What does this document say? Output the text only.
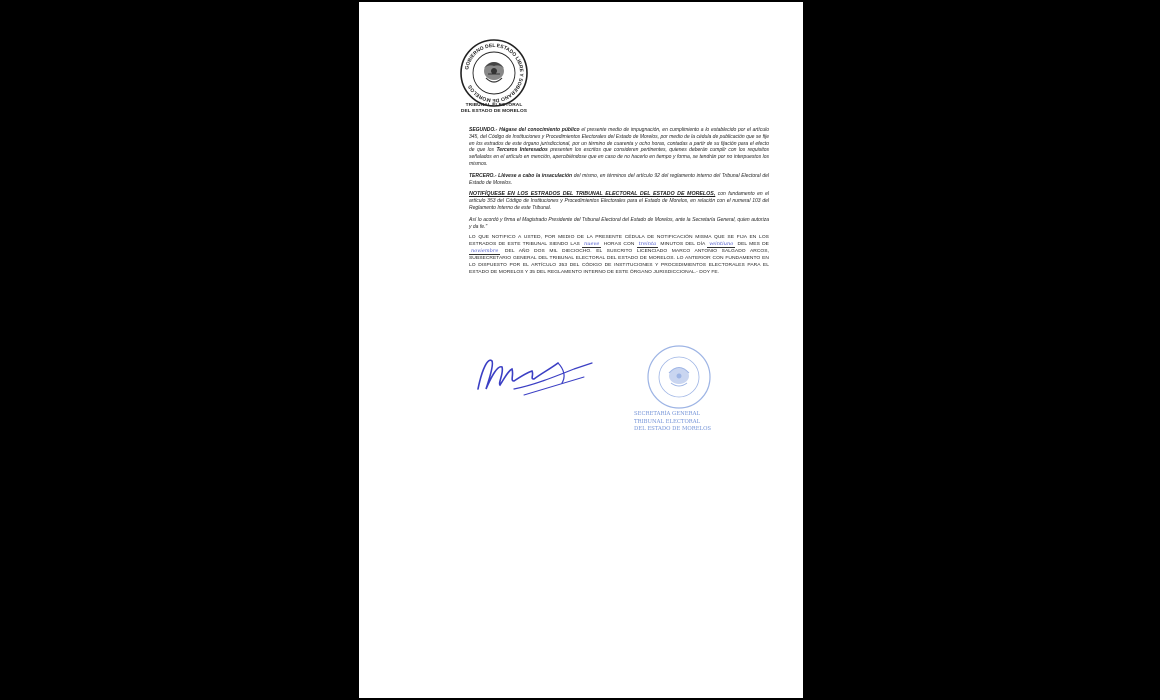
GOBIERNO DEL ESTADO LIBRE Y SOBERANO DE MORELOS
TRIBUNAL ELECTORAL
DEL ESTADO DE MORELOS

SEGUNDO.- Hágase del conocimiento público el presente medio de impugnación, en cumplimiento a lo establecido por el artículo 345, del Código de Instituciones y Procedimientos Electorales del Estado de Morelos, por medio de la cédula de publicación que se fije en los estrados de este órgano jurisdiccional, por un término de cuarenta y ocho horas, contadas a partir de su fijación para el efecto de que los Terceros Interesados presenten los escritos que consideren pertinentes, quienes deberán cumplir con los requisitos señalados en el artículo en mención, apercibiéndose que en caso de no hacerlo en tiempo y forma, se tendrán por no interpuestos los mismos.

TERCERO.- Llévese a cabo la insaculación del mismo, en términos del artículo 92 del reglamento interno del Tribunal Electoral del Estado de Morelos.

NOTIFÍQUESE EN LOS ESTRADOS DEL TRIBUNAL ELECTORAL DEL ESTADO DE MORELOS, con fundamento en el artículo 353 del Código de Instituciones y Procedimientos Electorales para el Estado de Morelos, en relación con el numeral 103 del Reglamento Interno de este Tribunal.

Así lo acordó y firma el Magistrado Presidente del Tribunal Electoral del Estado de Morelos, ante la Secretaría General, quien autoriza y da fe."

LO QUE NOTIFICO A USTED, POR MEDIO DE LA PRESENTE CÉDULA DE NOTIFICACIÓN MISMA QUE SE FIJA EN LOS ESTRADOS DE ESTE TRIBUNAL SIENDO LAS nueve HORAS CON treinta MINUTOS DEL DÍA veintiuno DEL MES DE noviembre DEL AÑO DOS MIL DIECIOCHO. EL SUSCRITO LICENCIADO MARCO ANTONIO SALGADO ARCOS, SUBSECRETARIO GENERAL DEL TRIBUNAL ELECTORAL DEL ESTADO DE MORELOS. LO ANTERIOR CON FUNDAMENTO EN LO DISPUESTO POR EL ARTÍCULO 353 DEL CÓDIGO DE INSTITUCIONES Y PROCEDIMIENTOS ELECTORALES PARA EL ESTADO DE MORELOS Y 35 DEL REGLAMENTO INTERNO DE ESTE ÓRGANO JURISDICCIONAL.- DOY FE.

SECRETARÍA GENERAL
TRIBUNAL ELECTORAL
DEL ESTADO DE MORELOS
